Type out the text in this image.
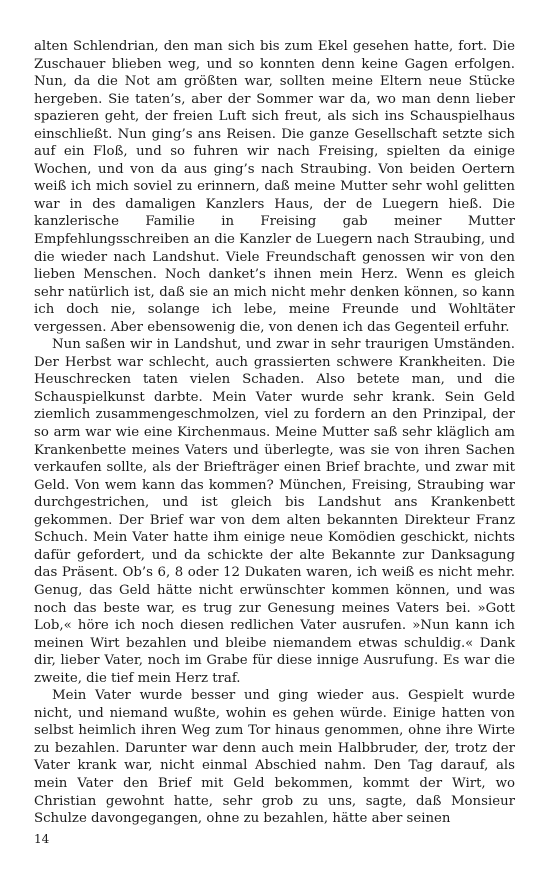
alten Schlendrian, den man sich bis zum Ekel gesehen hatte, fort. Die Zuschauer blieben weg, und so konnten denn keine Gagen erfolgen. Nun, da die Not am größten war, sollten meine Eltern neue Stücke hergeben. Sie taten’s, aber der Sommer war da, wo man denn lieber spazieren geht, der freien Luft sich freut, als sich ins Schauspielhaus einschließt. Nun ging’s ans Reisen. Die ganze Gesellschaft setzte sich auf ein Floß, und so fuhren wir nach Freising, spielten da einige Wochen, und von da aus ging’s nach Straubing. Von beiden Oertern weiß ich mich soviel zu erinnern, daß meine Mutter sehr wohl gelitten war in des damaligen Kanzlers Haus, der de Luegern hieß. Die kanzlerische Familie in Freising gab meiner Mutter Empfehlungsschreiben an die Kanzler de Luegern nach Straubing, und die wieder nach Landshut. Viele Freundschaft genossen wir von den lieben Menschen. Noch danket’s ihnen mein Herz. Wenn es gleich sehr natürlich ist, daß sie an mich nicht mehr denken können, so kann ich doch nie, solange ich lebe, meine Freunde und Wohltäter vergessen. Aber ebensowenig die, von denen ich das Gegenteil erfuhr.

Nun saßen wir in Landshut, und zwar in sehr traurigen Umständen. Der Herbst war schlecht, auch grassierten schwere Krankheiten. Die Heuschrecken taten vielen Schaden. Also betete man, und die Schauspielkunst darbte. Mein Vater wurde sehr krank. Sein Geld ziemlich zusammengeschmolzen, viel zu fordern an den Prinzipal, der so arm war wie eine Kirchenmaus. Meine Mutter saß sehr kläglich am Krankenbette meines Vaters und überlegte, was sie von ihren Sachen verkaufen sollte, als der Briefträger einen Brief brachte, und zwar mit Geld. Von wem kann das kommen? München, Freising, Straubing war durchgestrichen, und ist gleich bis Landshut ans Krankenbett gekommen. Der Brief war von dem alten bekannten Direkteur Franz Schuch. Mein Vater hatte ihm einige neue Komödien geschickt, nichts dafür gefordert, und da schickte der alte Bekannte zur Danksagung das Präsent. Ob’s 6, 8 oder 12 Dukaten waren, ich weiß es nicht mehr. Genug, das Geld hätte nicht erwünschter kommen können, und was noch das beste war, es trug zur Genesung meines Vaters bei. »Gott Lob,« höre ich noch diesen redlichen Vater ausrufen. »Nun kann ich meinen Wirt bezahlen und bleibe niemandem etwas schuldig.« Dank dir, lieber Vater, noch im Grabe für diese innige Ausrufung. Es war die zweite, die tief mein Herz traf.

Mein Vater wurde besser und ging wieder aus. Gespielt wurde nicht, und niemand wußte, wohin es gehen würde. Einige hatten von selbst heimlich ihren Weg zum Tor hinaus genommen, ohne ihre Wirte zu bezahlen. Darunter war denn auch mein Halbbruder, der, trotz der Vater krank war, nicht einmal Abschied nahm. Den Tag darauf, als mein Vater den Brief mit Geld bekommen, kommt der Wirt, wo Christian gewohnt hatte, sehr grob zu uns, sagte, daß Monsieur Schulze davongegangen, ohne zu bezahlen, hätte aber seinen

14
